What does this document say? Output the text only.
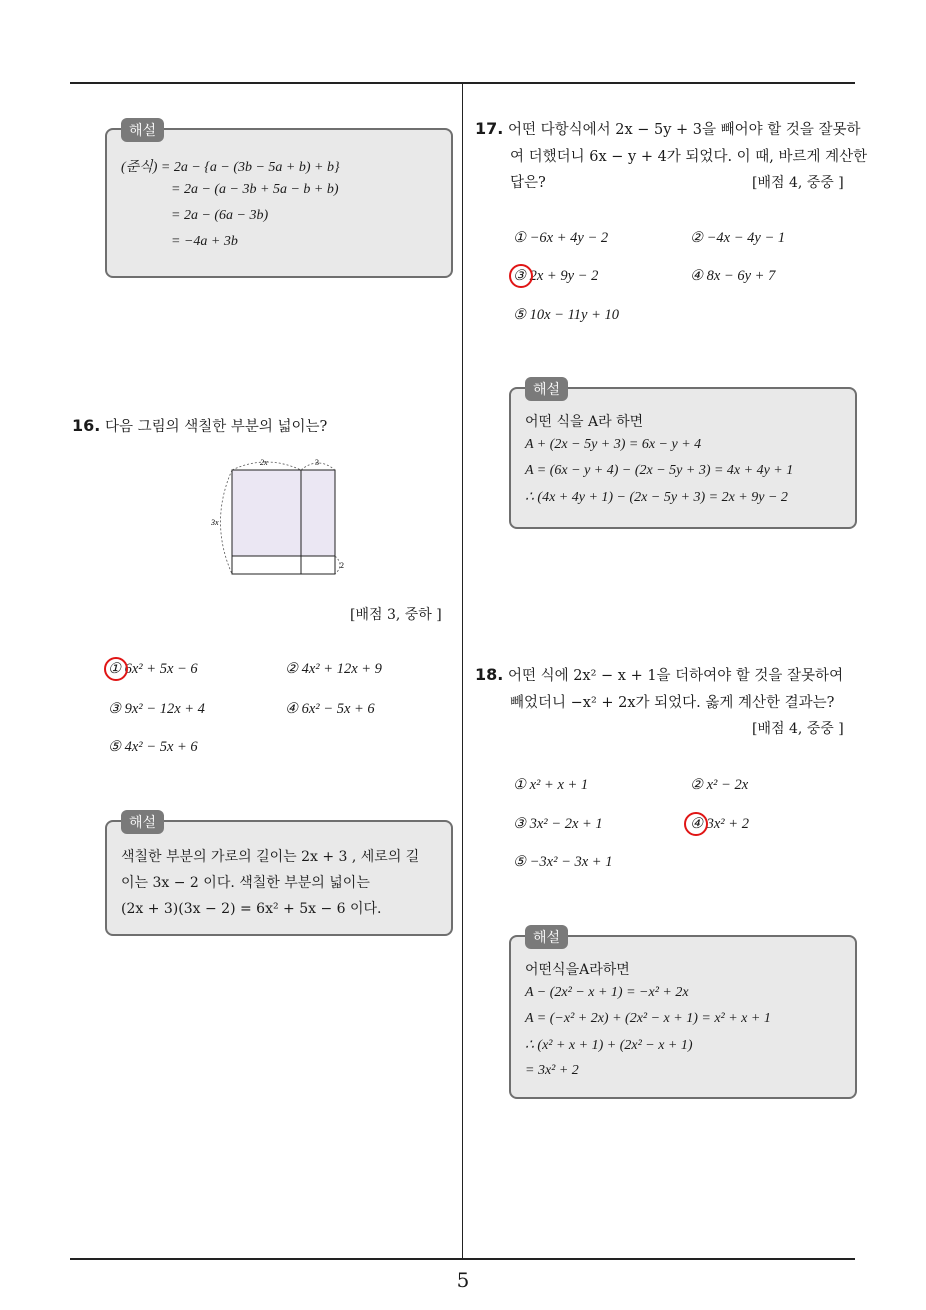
해설
(준식) = 2a − {a − (3b − 5a + b) + b}
= 2a − (a − 3b + 5a − b + b)
= 2a − (6a − 3b)
= −4a + 3b
16. 다음 그림의 색칠한 부분의 넓이는?
2x	3
3x
2
[배점 3, 중하 ]
① 6x² + 5x − 6	② 4x² + 12x + 9
③ 9x² − 12x + 4	④ 6x² − 5x + 6
⑤ 4x² − 5x + 6
해설
색칠한 부분의 가로의 길이는 2x + 3 , 세로의 길
이는 3x − 2 이다. 색칠한 부분의 넓이는
(2x + 3)(3x − 2) = 6x² + 5x − 6 이다.
17. 어떤 다항식에서 2x − 5y + 3을 빼어야 할 것을 잘못하
여 더했더니 6x − y + 4가 되었다. 이 때, 바르게 계산한
답은?	[배점 4, 중중 ]
① −6x + 4y − 2	② −4x − 4y − 1
③ 2x + 9y − 2	④ 8x − 6y + 7
⑤ 10x − 11y + 10
해설
어떤 식을 A라 하면
A + (2x − 5y + 3) = 6x − y + 4
A = (6x − y + 4) − (2x − 5y + 3) = 4x + 4y + 1
∴ (4x + 4y + 1) − (2x − 5y + 3) = 2x + 9y − 2
18. 어떤 식에 2x² − x + 1을 더하여야 할 것을 잘못하여
빼었더니 −x² + 2x가 되었다. 옳게 계산한 결과는?
[배점 4, 중중 ]
① x² + x + 1	② x² − 2x
③ 3x² − 2x + 1	④ 3x² + 2
⑤ −3x² − 3x + 1
해설
어떤식을A라하면
A − (2x² − x + 1) = −x² + 2x
A = (−x² + 2x) + (2x² − x + 1) = x² + x + 1
∴ (x² + x + 1) + (2x² − x + 1)
= 3x² + 2
5
